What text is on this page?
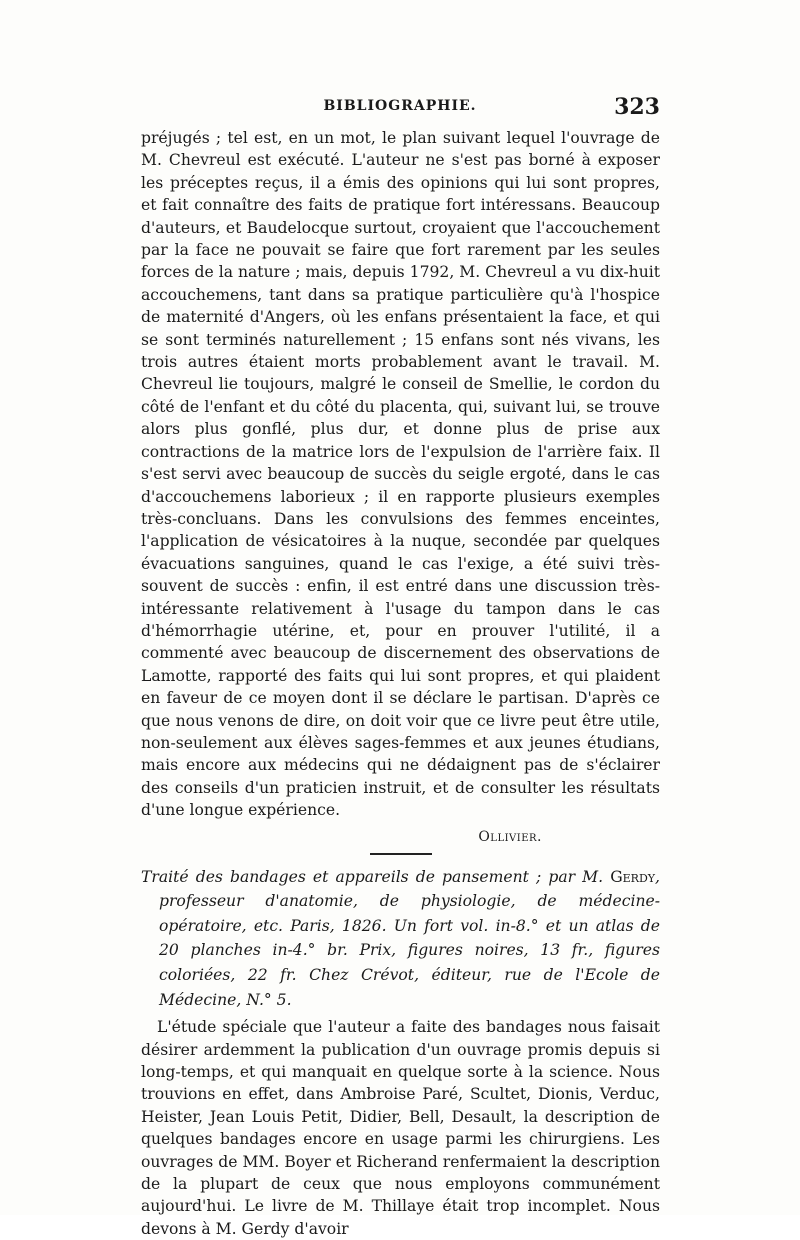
BIBLIOGRAPHIE.	323

préjugés ; tel est, en un mot, le plan suivant lequel l'ouvrage de M. Chevreul est exécuté. L'auteur ne s'est pas borné à exposer les préceptes reçus, il a émis des opinions qui lui sont propres, et fait connaître des faits de pratique fort intéressans. Beaucoup d'auteurs, et Baudelocque surtout, croyaient que l'accouchement par la face ne pouvait se faire que fort rarement par les seules forces de la nature ; mais, depuis 1792, M. Chevreul a vu dix-huit accouchemens, tant dans sa pratique particulière qu'à l'hospice de maternité d'Angers, où les enfans présentaient la face, et qui se sont terminés naturellement ; 15 enfans sont nés vivans, les trois autres étaient morts probablement avant le travail. M. Chevreul lie toujours, malgré le conseil de Smellie, le cordon du côté de l'enfant et du côté du placenta, qui, suivant lui, se trouve alors plus gonflé, plus dur, et donne plus de prise aux contractions de la matrice lors de l'expulsion de l'arrière faix. Il s'est servi avec beaucoup de succès du seigle ergoté, dans le cas d'accouchemens laborieux ; il en rapporte plusieurs exemples très-concluans. Dans les convulsions des femmes enceintes, l'application de vésicatoires à la nuque, secondée par quelques évacuations sanguines, quand le cas l'exige, a été suivi très-souvent de succès : enfin, il est entré dans une discussion très-intéressante relativement à l'usage du tampon dans le cas d'hémorrhagie utérine, et, pour en prouver l'utilité, il a commenté avec beaucoup de discernement des observations de Lamotte, rapporté des faits qui lui sont propres, et qui plaident en faveur de ce moyen dont il se déclare le partisan. D'après ce que nous venons de dire, on doit voir que ce livre peut être utile, non-seulement aux élèves sages-femmes et aux jeunes étudians, mais encore aux médecins qui ne dédaignent pas de s'éclairer des conseils d'un praticien instruit, et de consulter les résultats d'une longue expérience.

Ollivier.

Traité des bandages et appareils de pansement ; par M. Gerdy, professeur d'anatomie, de physiologie, de médecine-opératoire, etc. Paris, 1826. Un fort vol. in-8.° et un atlas de 20 planches in-4.° br. Prix, figures noires, 13 fr., figures coloriées, 22 fr. Chez Crévot, éditeur, rue de l'Ecole de Médecine, N.° 5.

L'étude spéciale que l'auteur a faite des bandages nous faisait désirer ardemment la publication d'un ouvrage promis depuis si long-temps, et qui manquait en quelque sorte à la science. Nous trouvions en effet, dans Ambroise Paré, Scultet, Dionis, Verduc, Heister, Jean Louis Petit, Didier, Bell, Desault, la description de quelques bandages encore en usage parmi les chirurgiens. Les ouvrages de MM. Boyer et Richerand renfermaient la description de la plupart de ceux que nous employons communément aujourd'hui. Le livre de M. Thillaye était trop incomplet. Nous devons à M. Gerdy d'avoir
